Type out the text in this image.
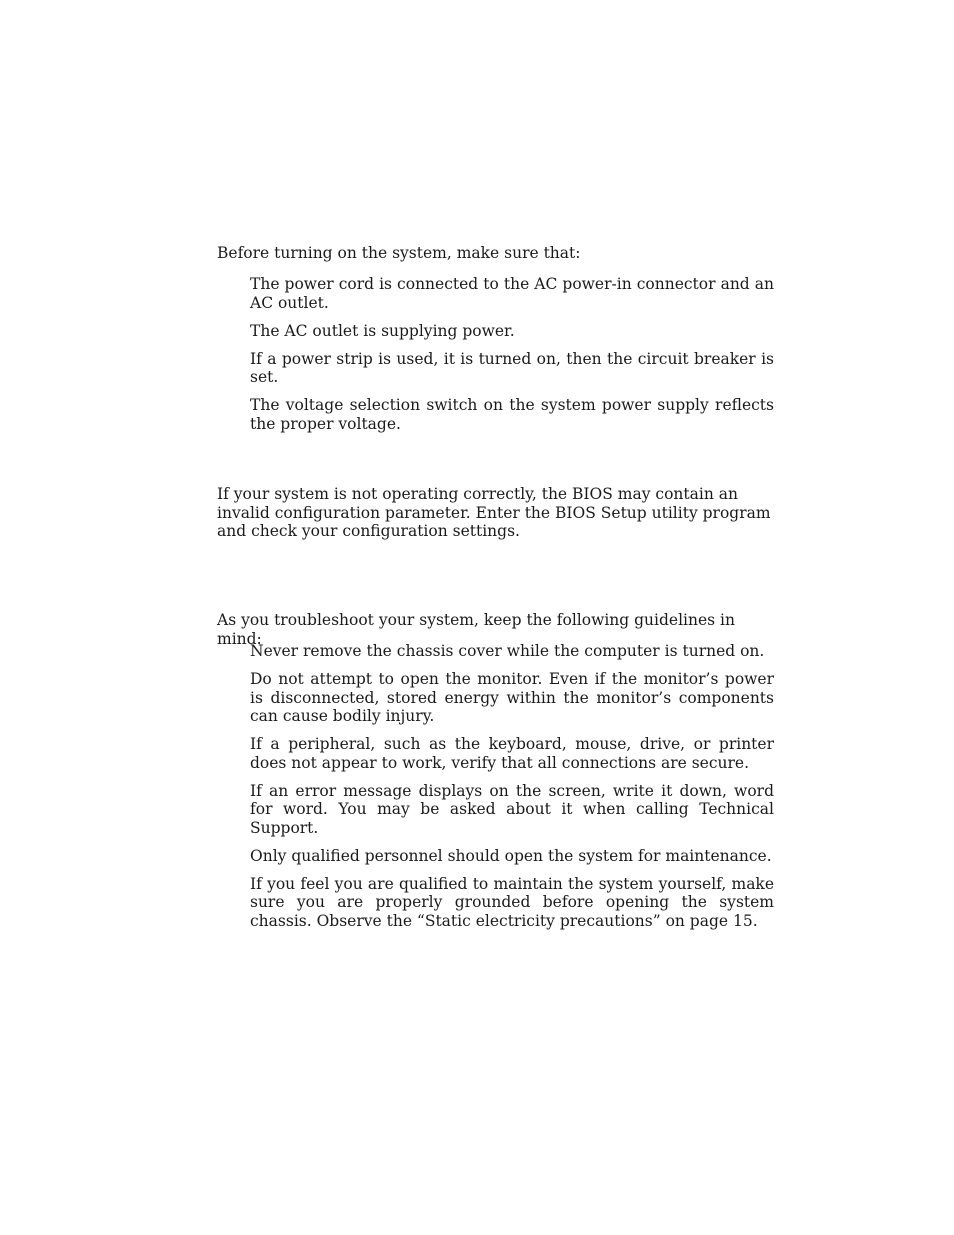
Before turning on the system, make sure that:

The power cord is connected to the AC power-in connector and an AC outlet.
The AC outlet is supplying power.
If a power strip is used, it is turned on, then the circuit breaker is set.
The voltage selection switch on the system power supply reflects the proper voltage.

If your system is not operating correctly, the BIOS may contain an invalid configuration parameter. Enter the BIOS Setup utility program and check your configuration settings.

As you troubleshoot your system, keep the following guidelines in mind:

Never remove the chassis cover while the computer is turned on.
Do not attempt to open the monitor. Even if the monitor’s power is disconnected, stored energy within the monitor’s components can cause bodily injury.
If a peripheral, such as the keyboard, mouse, drive, or printer does not appear to work, verify that all connections are secure.
If an error message displays on the screen, write it down, word for word. You may be asked about it when calling Technical Support.
Only qualified personnel should open the system for maintenance.
If you feel you are qualified to maintain the system yourself, make sure you are properly grounded before opening the system chassis. Observe the “Static electricity precautions” on page 15.
